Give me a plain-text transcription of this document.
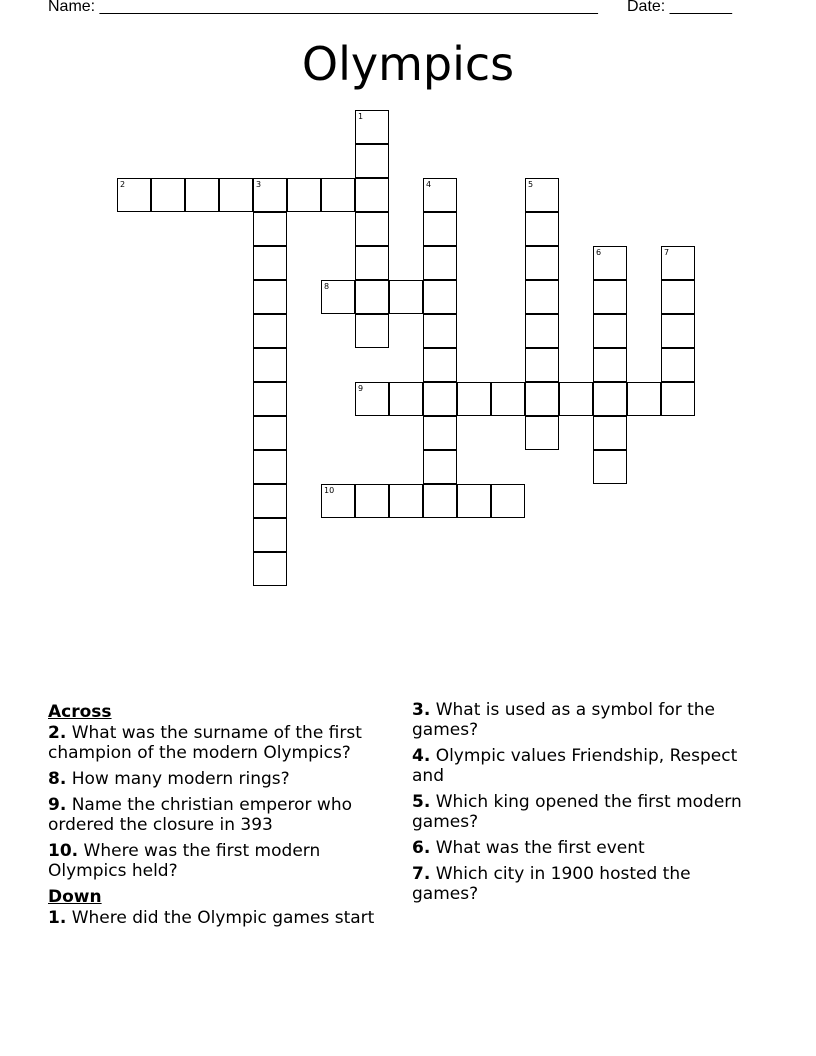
Name: ________________________________________________________ Date: _______
Olympics
1
2	3	4	5
6	7
8
9
10
Across
2. What was the surname of the first champion of the modern Olympics?
8. How many modern rings?
9. Name the christian emperor who ordered the closure in 393
10. Where was the first modern Olympics held?
Down
1. Where did the Olympic games start
3. What is used as a symbol for the games?
4. Olympic values Friendship, Respect and
5. Which king opened the first modern games?
6. What was the first event
7. Which city in 1900 hosted the games?
